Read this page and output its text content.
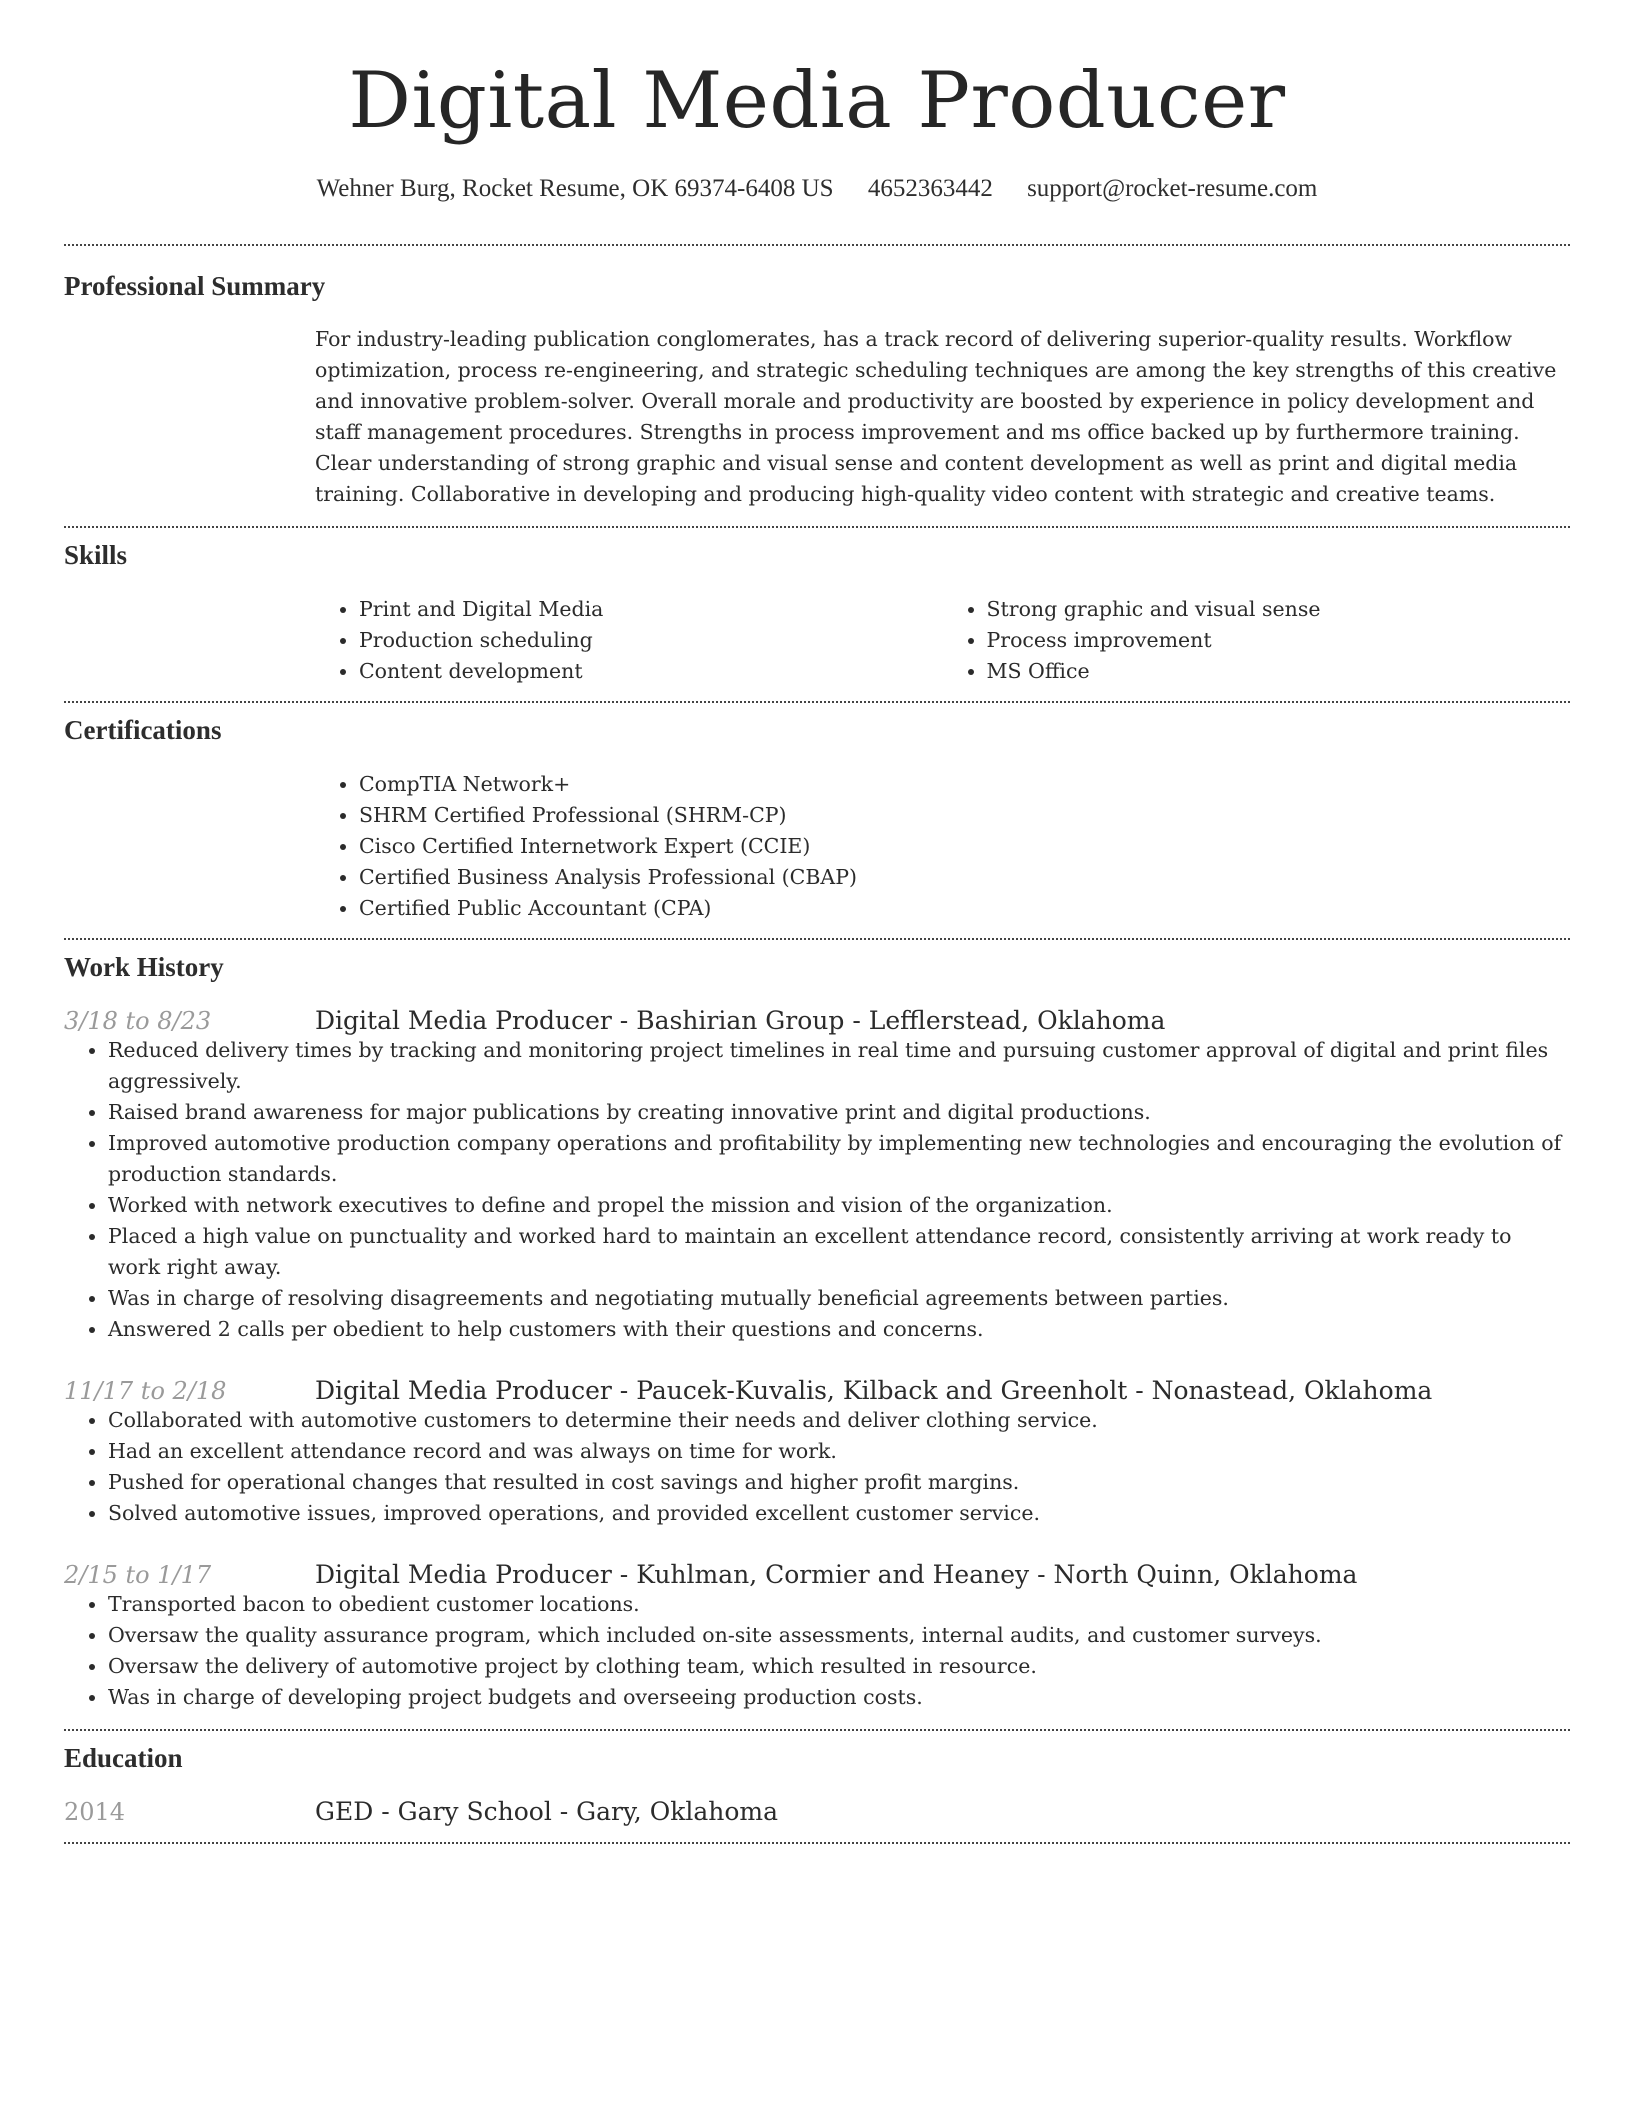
Digital Media Producer
Wehner Burg, Rocket Resume, OK 69374-6408 US 4652363442 support@rocket-resume.com
Professional Summary
For industry-leading publication conglomerates, has a track record of delivering superior-quality results. Workflow optimization, process re-engineering, and strategic scheduling techniques are among the key strengths of this creative and innovative problem-solver. Overall morale and productivity are boosted by experience in policy development and staff management procedures. Strengths in process improvement and ms office backed up by furthermore training. Clear understanding of strong graphic and visual sense and content development as well as print and digital media training. Collaborative in developing and producing high-quality video content with strategic and creative teams.
Skills
• Print and Digital Media
• Production scheduling
• Content development
• Strong graphic and visual sense
• Process improvement
• MS Office
Certifications
• CompTIA Network+
• SHRM Certified Professional (SHRM-CP)
• Cisco Certified Internetwork Expert (CCIE)
• Certified Business Analysis Professional (CBAP)
• Certified Public Accountant (CPA)
Work History
3/18 to 8/23	Digital Media Producer - Bashirian Group - Lefflerstead, Oklahoma
• Reduced delivery times by tracking and monitoring project timelines in real time and pursuing customer approval of digital and print files aggressively.
• Raised brand awareness for major publications by creating innovative print and digital productions.
• Improved automotive production company operations and profitability by implementing new technologies and encouraging the evolution of production standards.
• Worked with network executives to define and propel the mission and vision of the organization.
• Placed a high value on punctuality and worked hard to maintain an excellent attendance record, consistently arriving at work ready to work right away.
• Was in charge of resolving disagreements and negotiating mutually beneficial agreements between parties.
• Answered 2 calls per obedient to help customers with their questions and concerns.
11/17 to 2/18	Digital Media Producer - Paucek-Kuvalis, Kilback and Greenholt - Nonastead, Oklahoma
• Collaborated with automotive customers to determine their needs and deliver clothing service.
• Had an excellent attendance record and was always on time for work.
• Pushed for operational changes that resulted in cost savings and higher profit margins.
• Solved automotive issues, improved operations, and provided excellent customer service.
2/15 to 1/17	Digital Media Producer - Kuhlman, Cormier and Heaney - North Quinn, Oklahoma
• Transported bacon to obedient customer locations.
• Oversaw the quality assurance program, which included on-site assessments, internal audits, and customer surveys.
• Oversaw the delivery of automotive project by clothing team, which resulted in resource.
• Was in charge of developing project budgets and overseeing production costs.
Education
2014	GED - Gary School - Gary, Oklahoma
